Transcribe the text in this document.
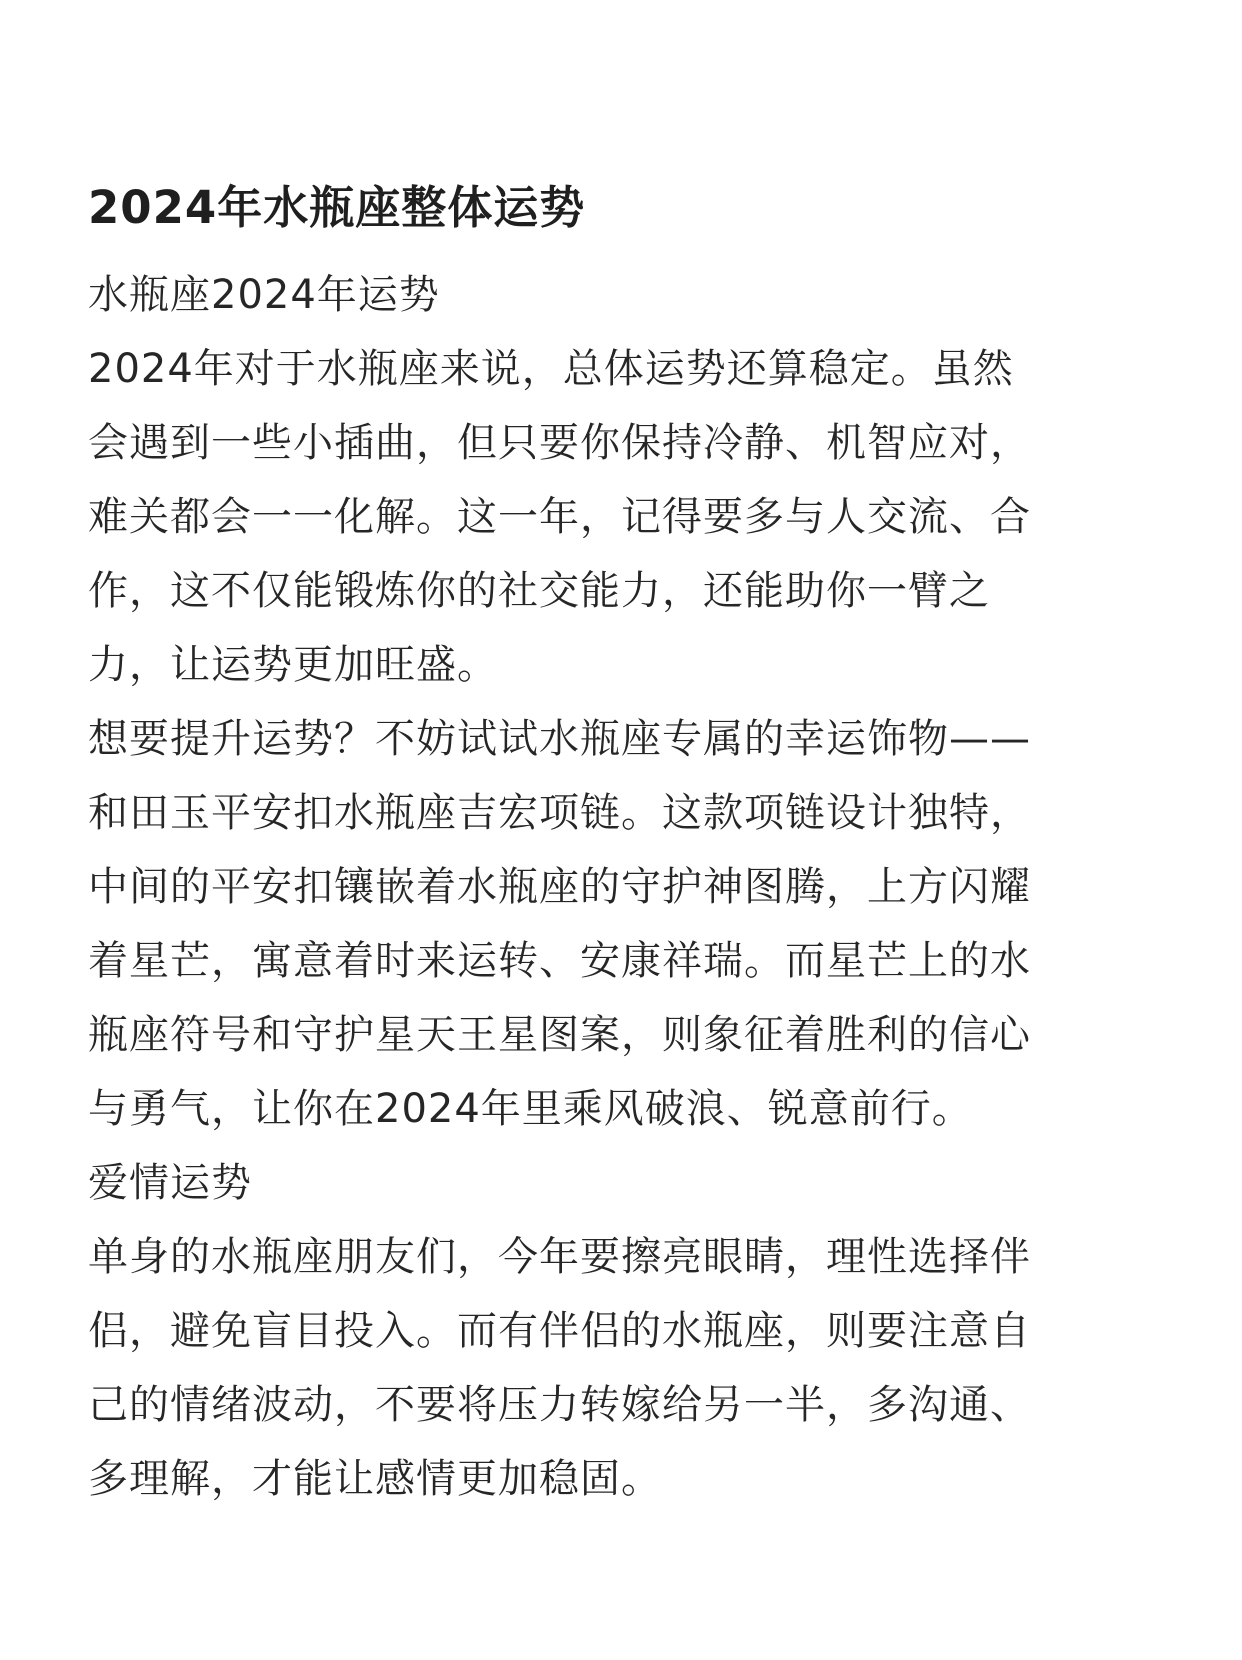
2024年水瓶座整体运势
水瓶座2024年运势
2024年对于水瓶座来说，总体运势还算稳定。虽然
会遇到一些小插曲，但只要你保持冷静、机智应对，
难关都会一一化解。这一年，记得要多与人交流、合
作，这不仅能锻炼你的社交能力，还能助你一臂之
力，让运势更加旺盛。
想要提升运势？不妨试试水瓶座专属的幸运饰物——
和田玉平安扣水瓶座吉宏项链。这款项链设计独特，
中间的平安扣镶嵌着水瓶座的守护神图腾，上方闪耀
着星芒，寓意着时来运转、安康祥瑞。而星芒上的水
瓶座符号和守护星天王星图案，则象征着胜利的信心
与勇气，让你在2024年里乘风破浪、锐意前行。
爱情运势
单身的水瓶座朋友们，今年要擦亮眼睛，理性选择伴
侣，避免盲目投入。而有伴侣的水瓶座，则要注意自
己的情绪波动，不要将压力转嫁给另一半，多沟通、
多理解，才能让感情更加稳固。
